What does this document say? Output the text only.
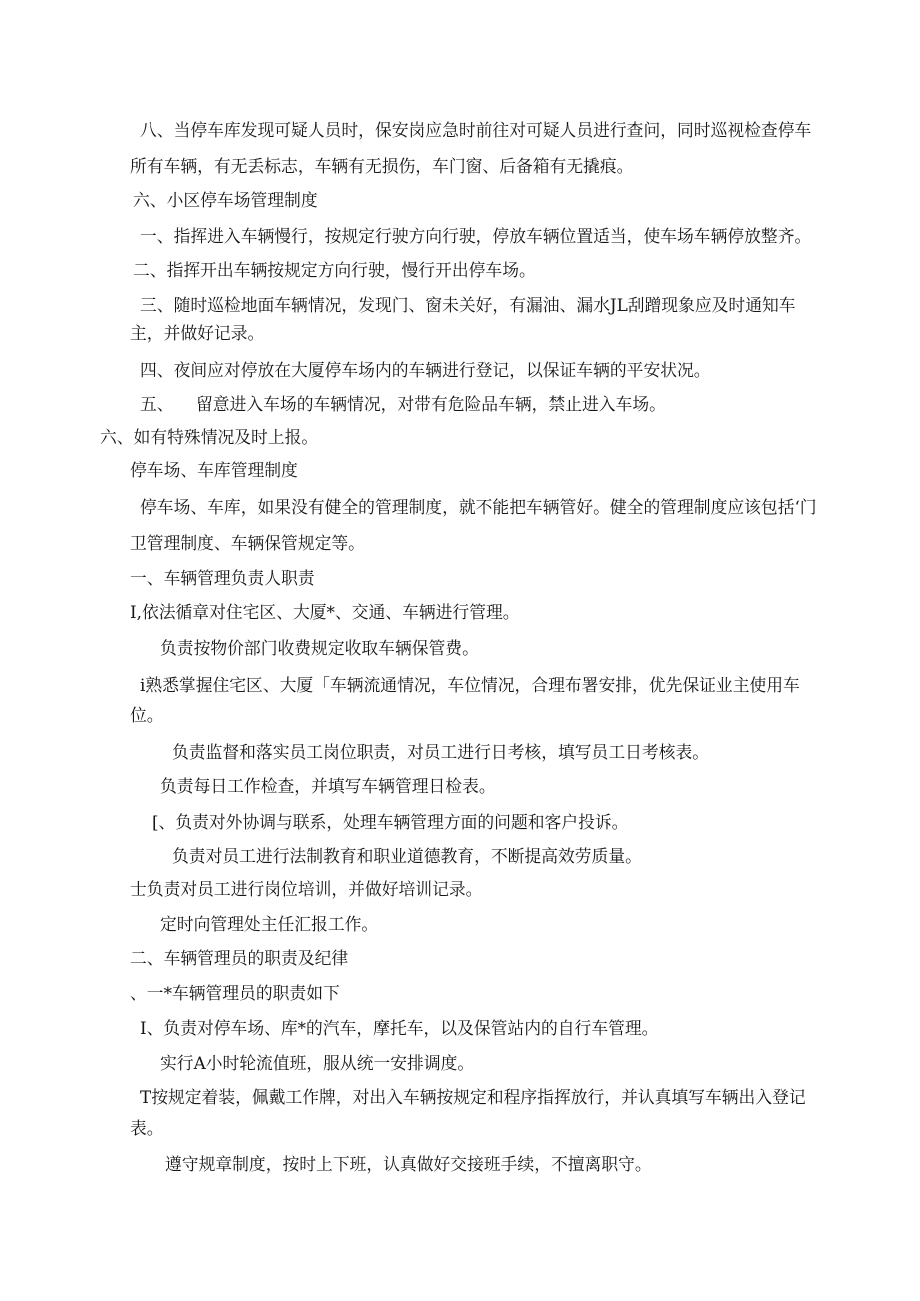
八、当停车库发现可疑人员时，保安岗应急时前往对可疑人员进行查问，同时巡视检查停车
所有车辆，有无丢标志，车辆有无损伤，车门窗、后备箱有无撬痕。
六、小区停车场管理制度
一、指挥进入车辆慢行，按规定行驶方向行驶，停放车辆位置适当，使车场车辆停放整齐。
二、指挥开出车辆按规定方向行驶，慢行开出停车场。
三、随时巡检地面车辆情况，发现门、窗未关好，有漏油、漏水JL刮蹭现象应及时通知车
主，并做好记录。
四、夜间应对停放在大厦停车场内的车辆进行登记，以保证车辆的平安状况。
五、 留意进入车场的车辆情况，对带有危险品车辆，禁止进入车场。
六、如有特殊情况及时上报。
停车场、车库管理制度
停车场、车库，如果没有健全的管理制度，就不能把车辆管好。健全的管理制度应该包括‘门
卫管理制度、车辆保管规定等。
一、车辆管理负责人职责
I,依法循章对住宅区、大厦*、交通、车辆进行管理。
负责按物价部门收费规定收取车辆保管费。
i熟悉掌握住宅区、大厦「车辆流通情况，车位情况，合理布署安排，优先保证业主使用车
位。
负责监督和落实员工岗位职责，对员工进行日考核，填写员工日考核表。
负责每日工作检查，并填写车辆管理日检表。
[、负责对外协调与联系，处理车辆管理方面的问题和客户投诉。
负责对员工进行法制教育和职业道德教育，不断提高效劳质量。
士负责对员工进行岗位培训，并做好培训记录。
定时向管理处主任汇报工作。
二、车辆管理员的职责及纪律
、一*车辆管理员的职责如下
I、负责对停车场、库*的汽车，摩托车，以及保管站内的自行车管理。
实行A小时轮流值班，服从统一安排调度。
T按规定着装，佩戴工作牌，对出入车辆按规定和程序指挥放行，并认真填写车辆出入登记
表。
遵守规章制度，按时上下班，认真做好交接班手续，不擅离职守。
